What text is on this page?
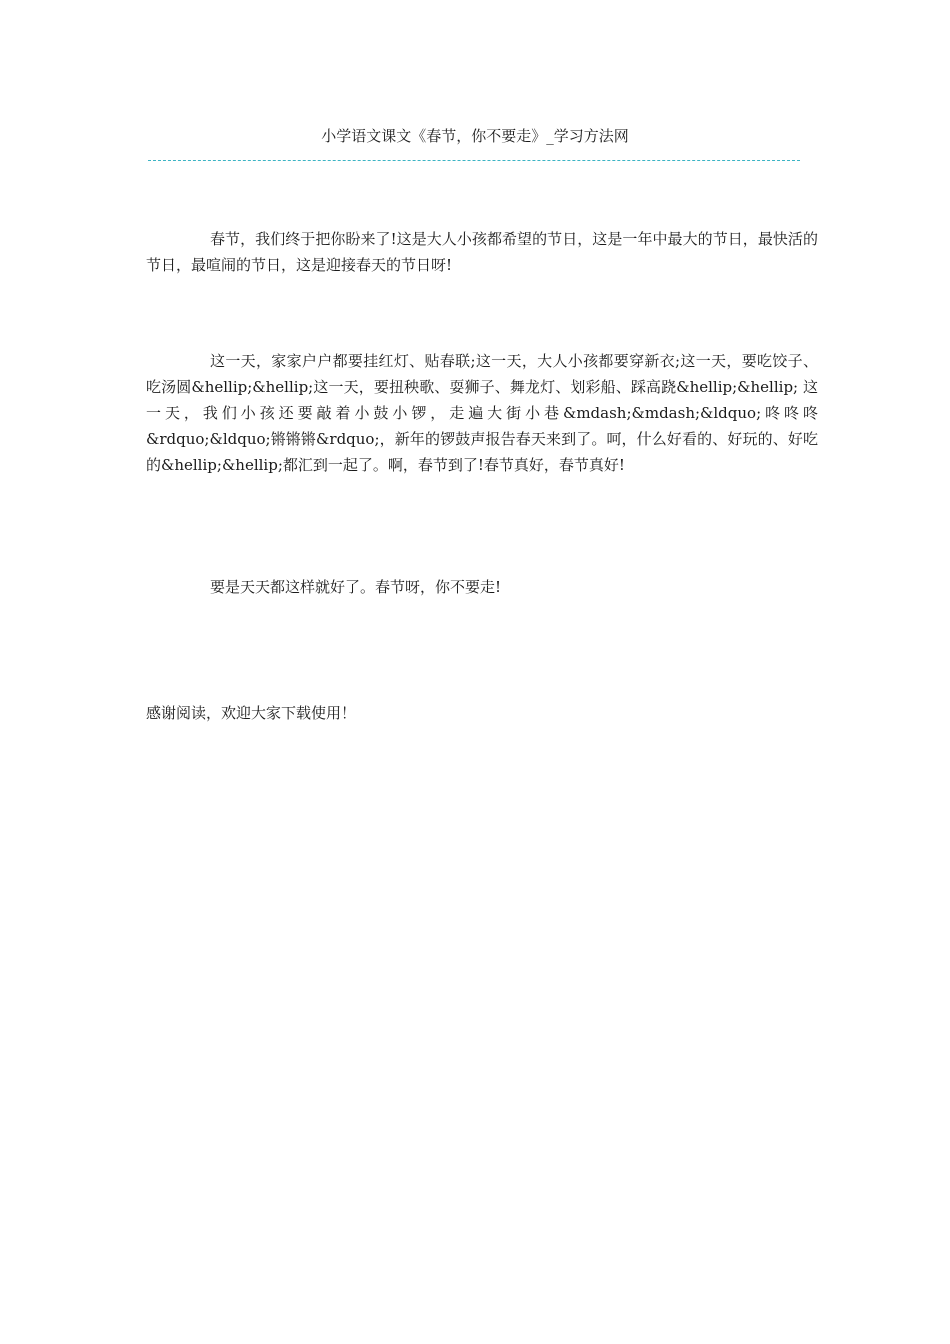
小学语文课文《春节，你不要走》_学习方法网

春节，我们终于把你盼来了!这是大人小孩都希望的节日，这是一年中最大的节日，最快活的节日，最喧闹的节日，这是迎接春天的节日呀!

这一天，家家户户都要挂红灯、贴春联;这一天，大人小孩都要穿新衣;这一天，要吃饺子、吃汤圆&hellip;&hellip;这一天，要扭秧歌、耍狮子、舞龙灯、划彩船、踩高跷&hellip;&hellip; 这一天，我们小孩还要敲着小鼓小锣，走遍大街小巷&mdash;&mdash;&ldquo;咚咚咚&rdquo;&ldquo;锵锵锵&rdquo;，新年的锣鼓声报告春天来到了。呵，什么好看的、好玩的、好吃的&hellip;&hellip;都汇到一起了。啊，春节到了!春节真好，春节真好!

要是天天都这样就好了。春节呀，你不要走!

感谢阅读，欢迎大家下载使用！
